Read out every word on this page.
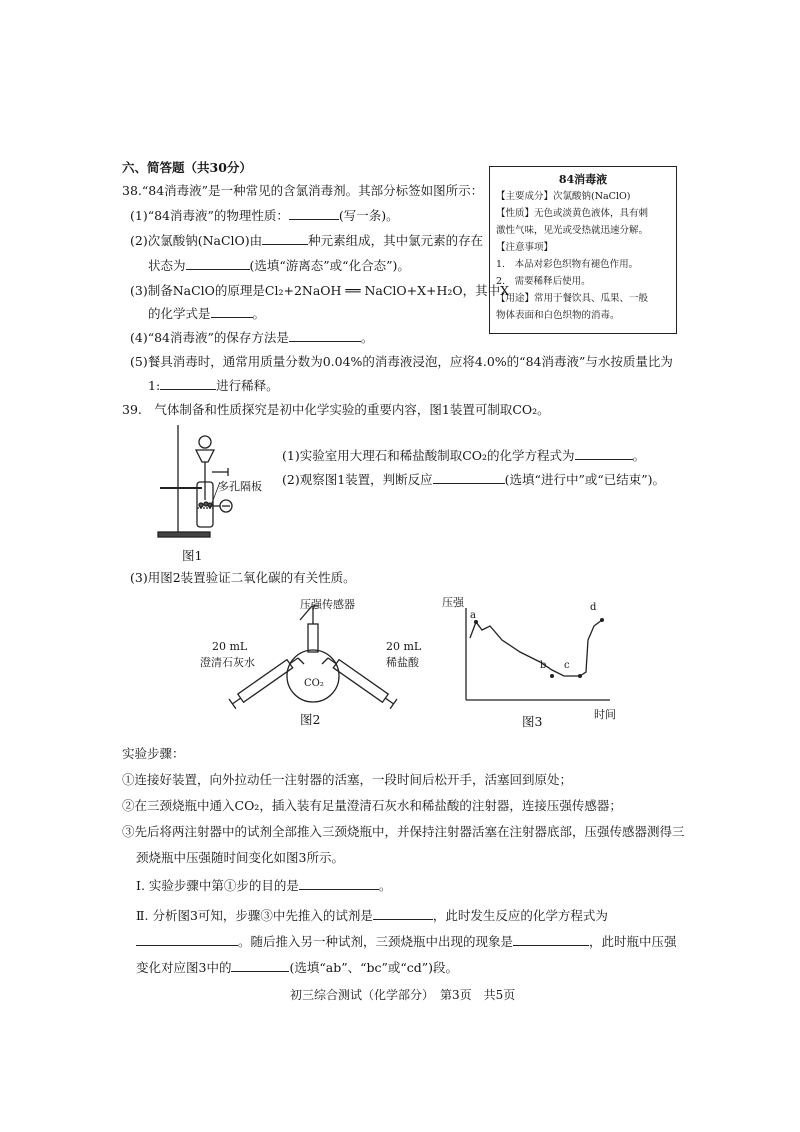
六、简答题（共30分）
38.“84消毒液”是一种常见的含氯消毒剂。其部分标签如图所示：
(1)“84消毒液”的物理性质：	(写一条)。
(2)次氯酸钠(NaClO)由	种元素组成，其中氯元素的存在
状态为	(选填“游离态”或“化合态”)。
(3)制备NaClO的原理是Cl₂+2NaOH ══ NaClO+X+H₂O，其中X
的化学式是	。
(4)“84消毒液”的保存方法是	。
(5)餐具消毒时，通常用质量分数为0.04%的消毒液浸泡，应将4.0%的“84消毒液”与水按质量比为
1:	进行稀释。
84消毒液
【主要成分】次氯酸钠(NaClO)
【性质】无色或淡黄色液体，具有刺
激性气味，见光或受热就迅速分解。
【注意事项】
1.　本品对彩色织物有褪色作用。
2.　需要稀释后使用。
【用途】常用于餐饮具、瓜果、一般
物体表面和白色织物的消毒。
39.　气体制备和性质探究是初中化学实验的重要内容，图1装置可制取CO₂。
多孔隔板
图1
(1)实验室用大理石和稀盐酸制取CO₂的化学方程式为	。
(2)观察图1装置，判断反应	(选填“进行中”或“已结束”)。
(3)用图2装置验证二氧化碳的有关性质。
压强传感器
20 mL
澄清石灰水
20 mL
稀盐酸
CO₂
图2
压强
a
b c
d
时间
图3
实验步骤：
①连接好装置，向外拉动任一注射器的活塞，一段时间后松开手，活塞回到原处；
②在三颈烧瓶中通入CO₂，插入装有足量澄清石灰水和稀盐酸的注射器，连接压强传感器；
③先后将两注射器中的试剂全部推入三颈烧瓶中，并保持注射器活塞在注射器底部，压强传感器测得三
颈烧瓶中压强随时间变化如图3所示。
Ⅰ. 实验步骤中第①步的目的是	。
Ⅱ. 分析图3可知，步骤③中先推入的试剂是	，此时发生反应的化学方程式为
。随后推入另一种试剂，三颈烧瓶中出现的现象是	，此时瓶中压强
变化对应图3中的	(选填“ab”、“bc”或“cd”)段。
初三综合测试（化学部分）　第3页　共5页
